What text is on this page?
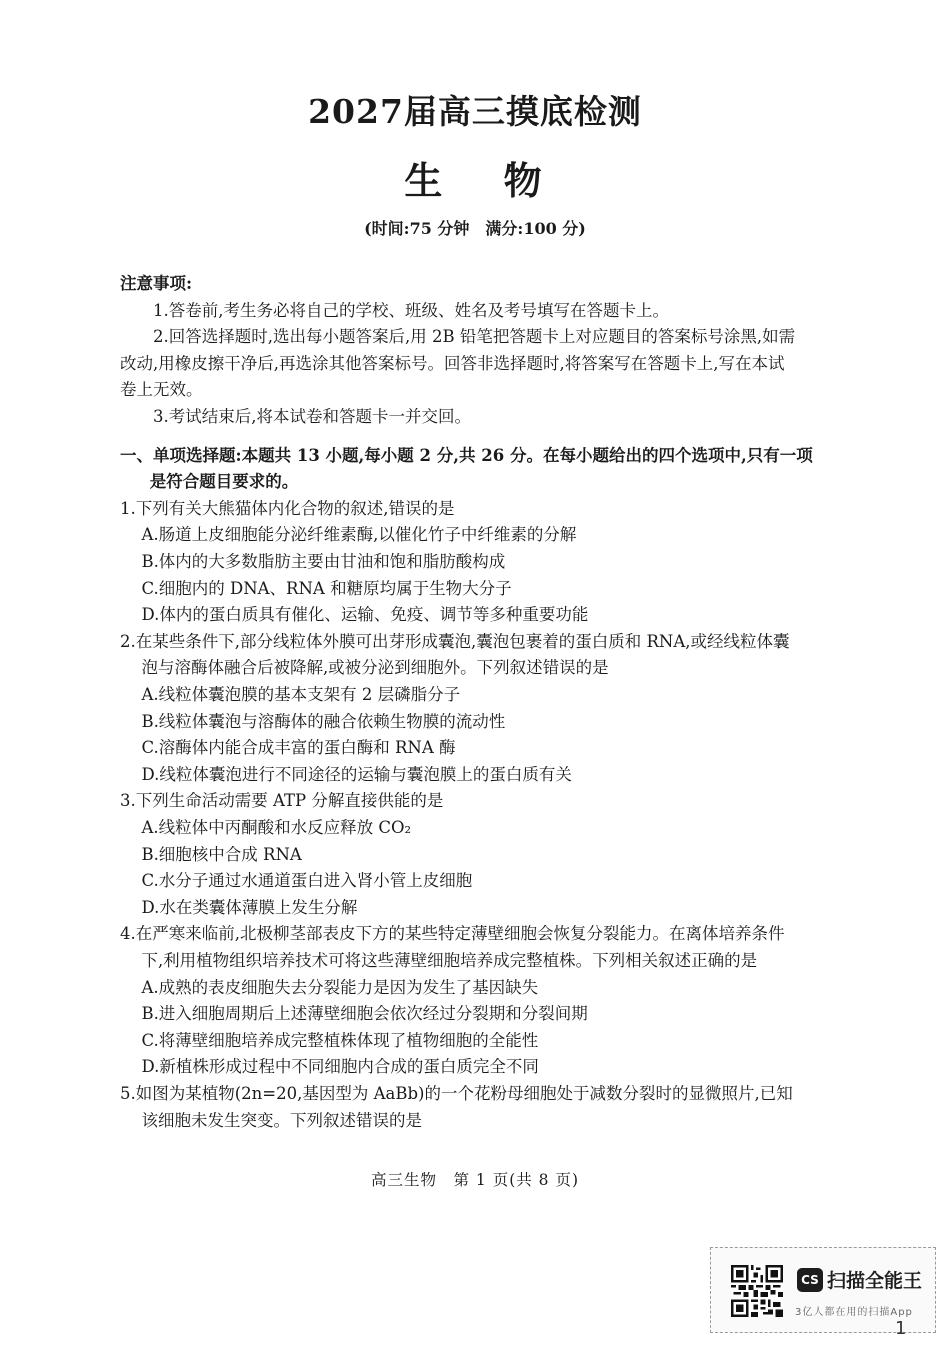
2027届高三摸底检测
生 物
(时间:75 分钟　满分:100 分)
注意事项:
1.答卷前,考生务必将自己的学校、班级、姓名及考号填写在答题卡上。
2.回答选择题时,选出每小题答案后,用 2B 铅笔把答题卡上对应题目的答案标号涂黑,如需
改动,用橡皮擦干净后,再选涂其他答案标号。回答非选择题时,将答案写在答题卡上,写在本试
卷上无效。
3.考试结束后,将本试卷和答题卡一并交回。
一、单项选择题:本题共 13 小题,每小题 2 分,共 26 分。在每小题给出的四个选项中,只有一项
是符合题目要求的。
1.下列有关大熊猫体内化合物的叙述,错误的是
A.肠道上皮细胞能分泌纤维素酶,以催化竹子中纤维素的分解
B.体内的大多数脂肪主要由甘油和饱和脂肪酸构成
C.细胞内的 DNA、RNA 和糖原均属于生物大分子
D.体内的蛋白质具有催化、运输、免疫、调节等多种重要功能
2.在某些条件下,部分线粒体外膜可出芽形成囊泡,囊泡包裹着的蛋白质和 RNA,或经线粒体囊
泡与溶酶体融合后被降解,或被分泌到细胞外。下列叙述错误的是
A.线粒体囊泡膜的基本支架有 2 层磷脂分子
B.线粒体囊泡与溶酶体的融合依赖生物膜的流动性
C.溶酶体内能合成丰富的蛋白酶和 RNA 酶
D.线粒体囊泡进行不同途径的运输与囊泡膜上的蛋白质有关
3.下列生命活动需要 ATP 分解直接供能的是
A.线粒体中丙酮酸和水反应释放 CO₂
B.细胞核中合成 RNA
C.水分子通过水通道蛋白进入肾小管上皮细胞
D.水在类囊体薄膜上发生分解
4.在严寒来临前,北极柳茎部表皮下方的某些特定薄壁细胞会恢复分裂能力。在离体培养条件
下,利用植物组织培养技术可将这些薄壁细胞培养成完整植株。下列相关叙述正确的是
A.成熟的表皮细胞失去分裂能力是因为发生了基因缺失
B.进入细胞周期后上述薄壁细胞会依次经过分裂期和分裂间期
C.将薄壁细胞培养成完整植株体现了植物细胞的全能性
D.新植株形成过程中不同细胞内合成的蛋白质完全不同
5.如图为某植物(2n=20,基因型为 AaBb)的一个花粉母细胞处于减数分裂时的显微照片,已知
该细胞未发生突变。下列叙述错误的是
高三生物　第 1 页(共 8 页)
CS 扫描全能王
3亿人都在用的扫描App
1
